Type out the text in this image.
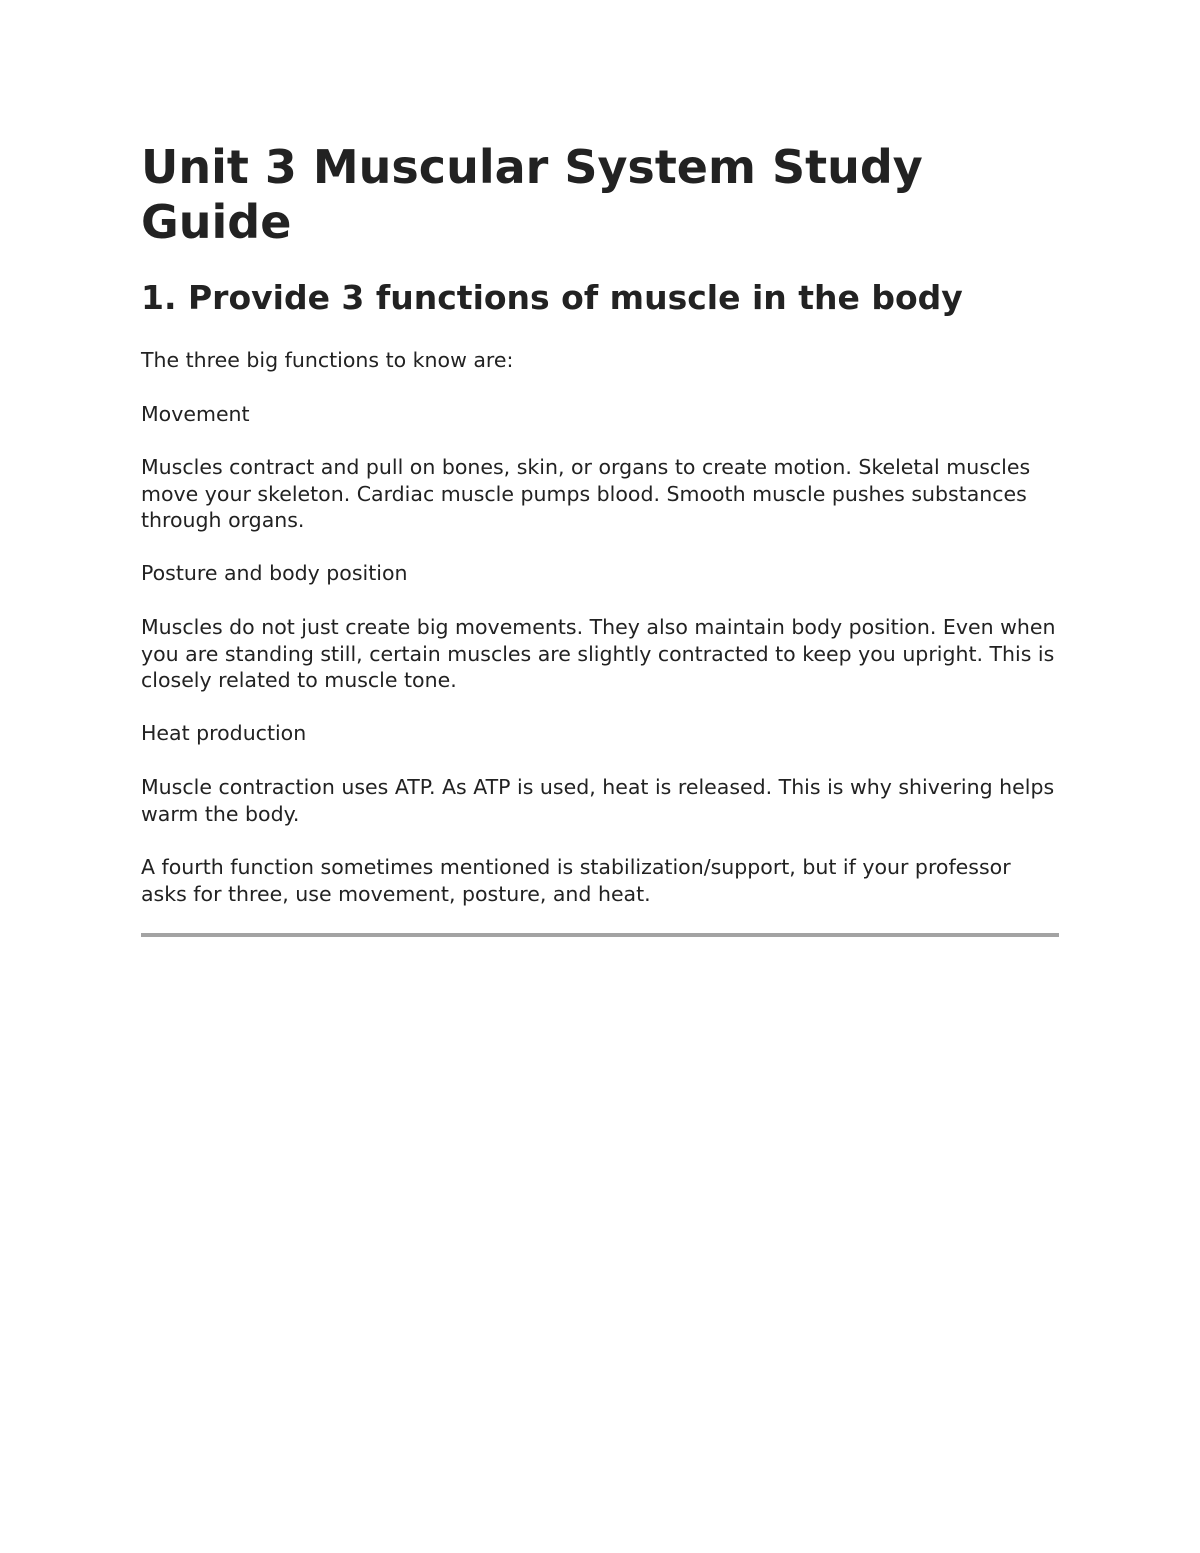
Unit 3 Muscular System Study Guide
1. Provide 3 functions of muscle in the body

The three big functions to know are:

Movement

Muscles contract and pull on bones, skin, or organs to create motion. Skeletal muscles move your skeleton. Cardiac muscle pumps blood. Smooth muscle pushes substances through organs.

Posture and body position

Muscles do not just create big movements. They also maintain body position. Even when you are standing still, certain muscles are slightly contracted to keep you upright. This is closely related to muscle tone.

Heat production

Muscle contraction uses ATP. As ATP is used, heat is released. This is why shivering helps warm the body.

A fourth function sometimes mentioned is stabilization/support, but if your professor asks for three, use movement, posture, and heat.
